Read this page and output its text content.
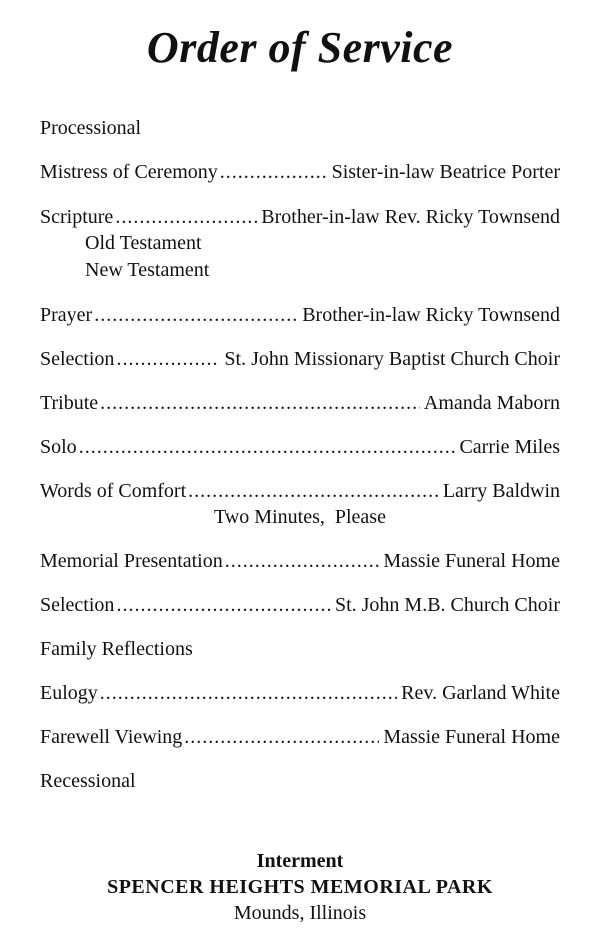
Order of Service
Processional
Mistress of Ceremony .....	Sister-in-law Beatrice Porter
Scripture .....	Brother-in-law Rev. Ricky Townsend
Old Testament
New Testament
Prayer .....	Brother-in-law Ricky Townsend
Selection .....	St. John Missionary Baptist Church Choir
Tribute .....	Amanda Maborn
Solo .....	Carrie Miles
Words of Comfort .....	Larry Baldwin
Two Minutes,  Please
Memorial Presentation .....	Massie Funeral Home
Selection .....	St. John M.B. Church Choir
Family Reflections
Eulogy .....	Rev. Garland White
Farewell Viewing .....	Massie Funeral Home
Recessional
Interment
SPENCER HEIGHTS MEMORIAL PARK
Mounds, Illinois
